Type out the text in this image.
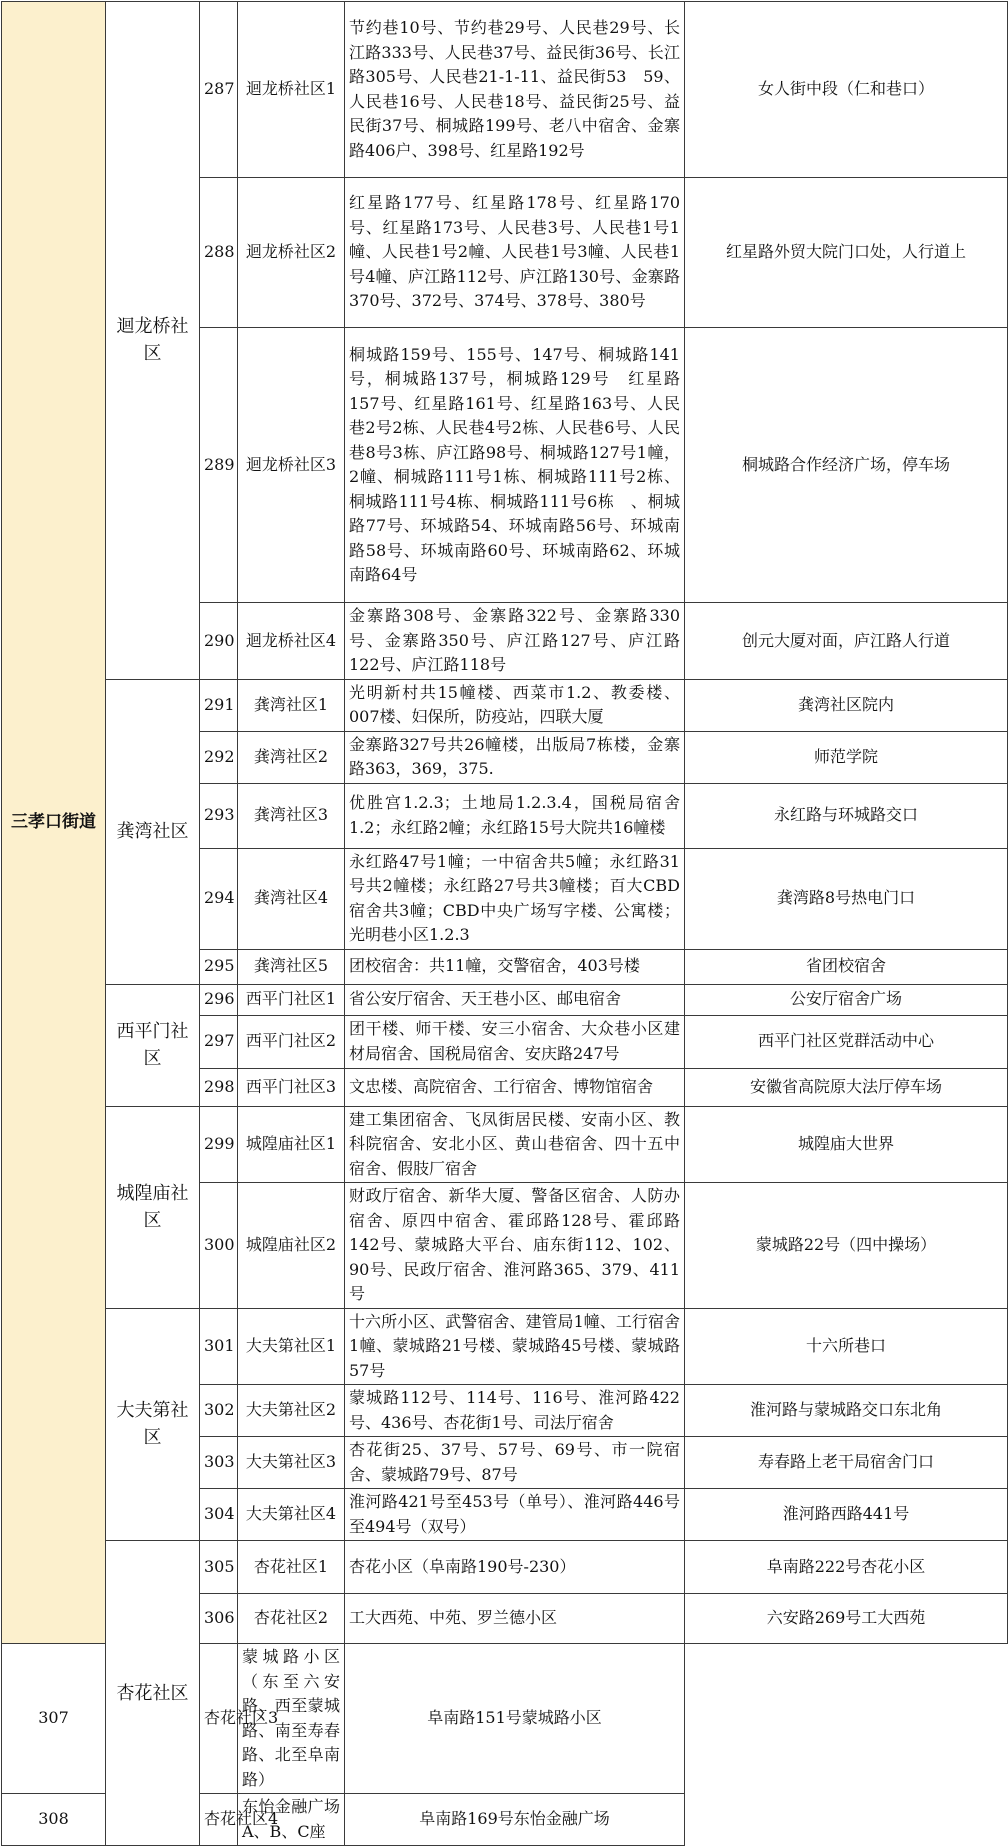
三孝口街道	迴龙桥社区	287	迴龙桥社区1	节约巷10号、节约巷29号、人民巷29号、长江路333号、人民巷37号、益民街36号、长江路305号、人民巷21-1-11、益民街53　59、人民巷16号、人民巷18号、益民街25号、益民街37号、桐城路199号、老八中宿舍、金寨路406户、398号、红星路192号	女人街中段（仁和巷口）
		288	迴龙桥社区2	红星路177号、红星路178号、红星路170号、红星路173号、人民巷3号、人民巷1号1幢、人民巷1号2幢、人民巷1号3幢、人民巷1号4幢、庐江路112号、庐江路130号、金寨路370号、372号、374号、378号、380号	红星路外贸大院门口处，人行道上
		289	迴龙桥社区3	桐城路159号、155号、147号、桐城路141号，桐城路137号，桐城路129号　红星路157号、红星路161号、红星路163号、人民巷2号2栋、人民巷4号2栋、人民巷6号、人民巷8号3栋、庐江路98号、桐城路127号1幢，2幢、桐城路111号1栋、桐城路111号2栋、桐城路111号4栋、桐城路111号6栋　、桐城路77号、环城路54、环城南路56号、环城南路58号、环城南路60号、环城南路62、环城南路64号	桐城路合作经济广场，停车场
		290	迴龙桥社区4	金寨路308号、金寨路322号、金寨路330号、金寨路350号、庐江路127号、庐江路122号、庐江路118号	创元大厦对面，庐江路人行道
	龚湾社区	291	龚湾社区1	光明新村共15幢楼、西菜市1.2、教委楼、007楼、妇保所，防疫站，四联大厦	龚湾社区院内
		292	龚湾社区2	金寨路327号共26幢楼，出版局7栋楼，金寨路363，369，375.	师范学院
		293	龚湾社区3	优胜宫1.2.3；土地局1.2.3.4，国税局宿舍1.2；永红路2幢；永红路15号大院共16幢楼	永红路与环城路交口
		294	龚湾社区4	永红路47号1幢；一中宿舍共5幢；永红路31号共2幢楼；永红路27号共3幢楼；百大CBD宿舍共3幢；CBD中央广场写字楼、公寓楼；光明巷小区1.2.3	龚湾路8号热电门口
		295	龚湾社区5	团校宿舍：共11幢，交警宿舍，403号楼	省团校宿舍
	西平门社区	296	西平门社区1	省公安厅宿舍、天王巷小区、邮电宿舍	公安厅宿舍广场
		297	西平门社区2	团干楼、师干楼、安三小宿舍、大众巷小区建材局宿舍、国税局宿舍、安庆路247号	西平门社区党群活动中心
		298	西平门社区3	文忠楼、高院宿舍、工行宿舍、博物馆宿舍	安徽省高院原大法厅停车场
	城隍庙社区	299	城隍庙社区1	建工集团宿舍、飞凤街居民楼、安南小区、教科院宿舍、安北小区、黄山巷宿舍、四十五中宿舍、假肢厂宿舍	城隍庙大世界
		300	城隍庙社区2	财政厅宿舍、新华大厦、警备区宿舍、人防办宿舍、原四中宿舍、霍邱路128号、霍邱路142号、蒙城路大平台、庙东街112、102、90号、民政厅宿舍、淮河路365、379、411号	蒙城路22号（四中操场）
	大夫第社区	301	大夫第社区1	十六所小区、武警宿舍、建管局1幢、工行宿舍1幢、蒙城路21号楼、蒙城路45号楼、蒙城路57号	十六所巷口
		302	大夫第社区2	蒙城路112号、114号、116号、淮河路422号、436号、杏花街1号、司法厅宿舍	淮河路与蒙城路交口东北角
		303	大夫第社区3	杏花街25、37号、57号、69号、市一院宿舍、蒙城路79号、87号	寿春路上老干局宿舍门口
		304	大夫第社区4	淮河路421号至453号（单号）、淮河路446号至494号（双号）	淮河路西路441号
	杏花社区	305	杏花社区1	杏花小区（阜南路190号-230）	阜南路222号杏花小区
		306	杏花社区2	工大西苑、中苑、罗兰德小区	六安路269号工大西苑
307		杏花社区3	蒙城路小区（东至六安路、西至蒙城路、南至寿春路、北至阜南路）	阜南路151号蒙城路小区	
308		杏花社区4	东怡金融广场A、B、C座	阜南路169号东怡金融广场	
